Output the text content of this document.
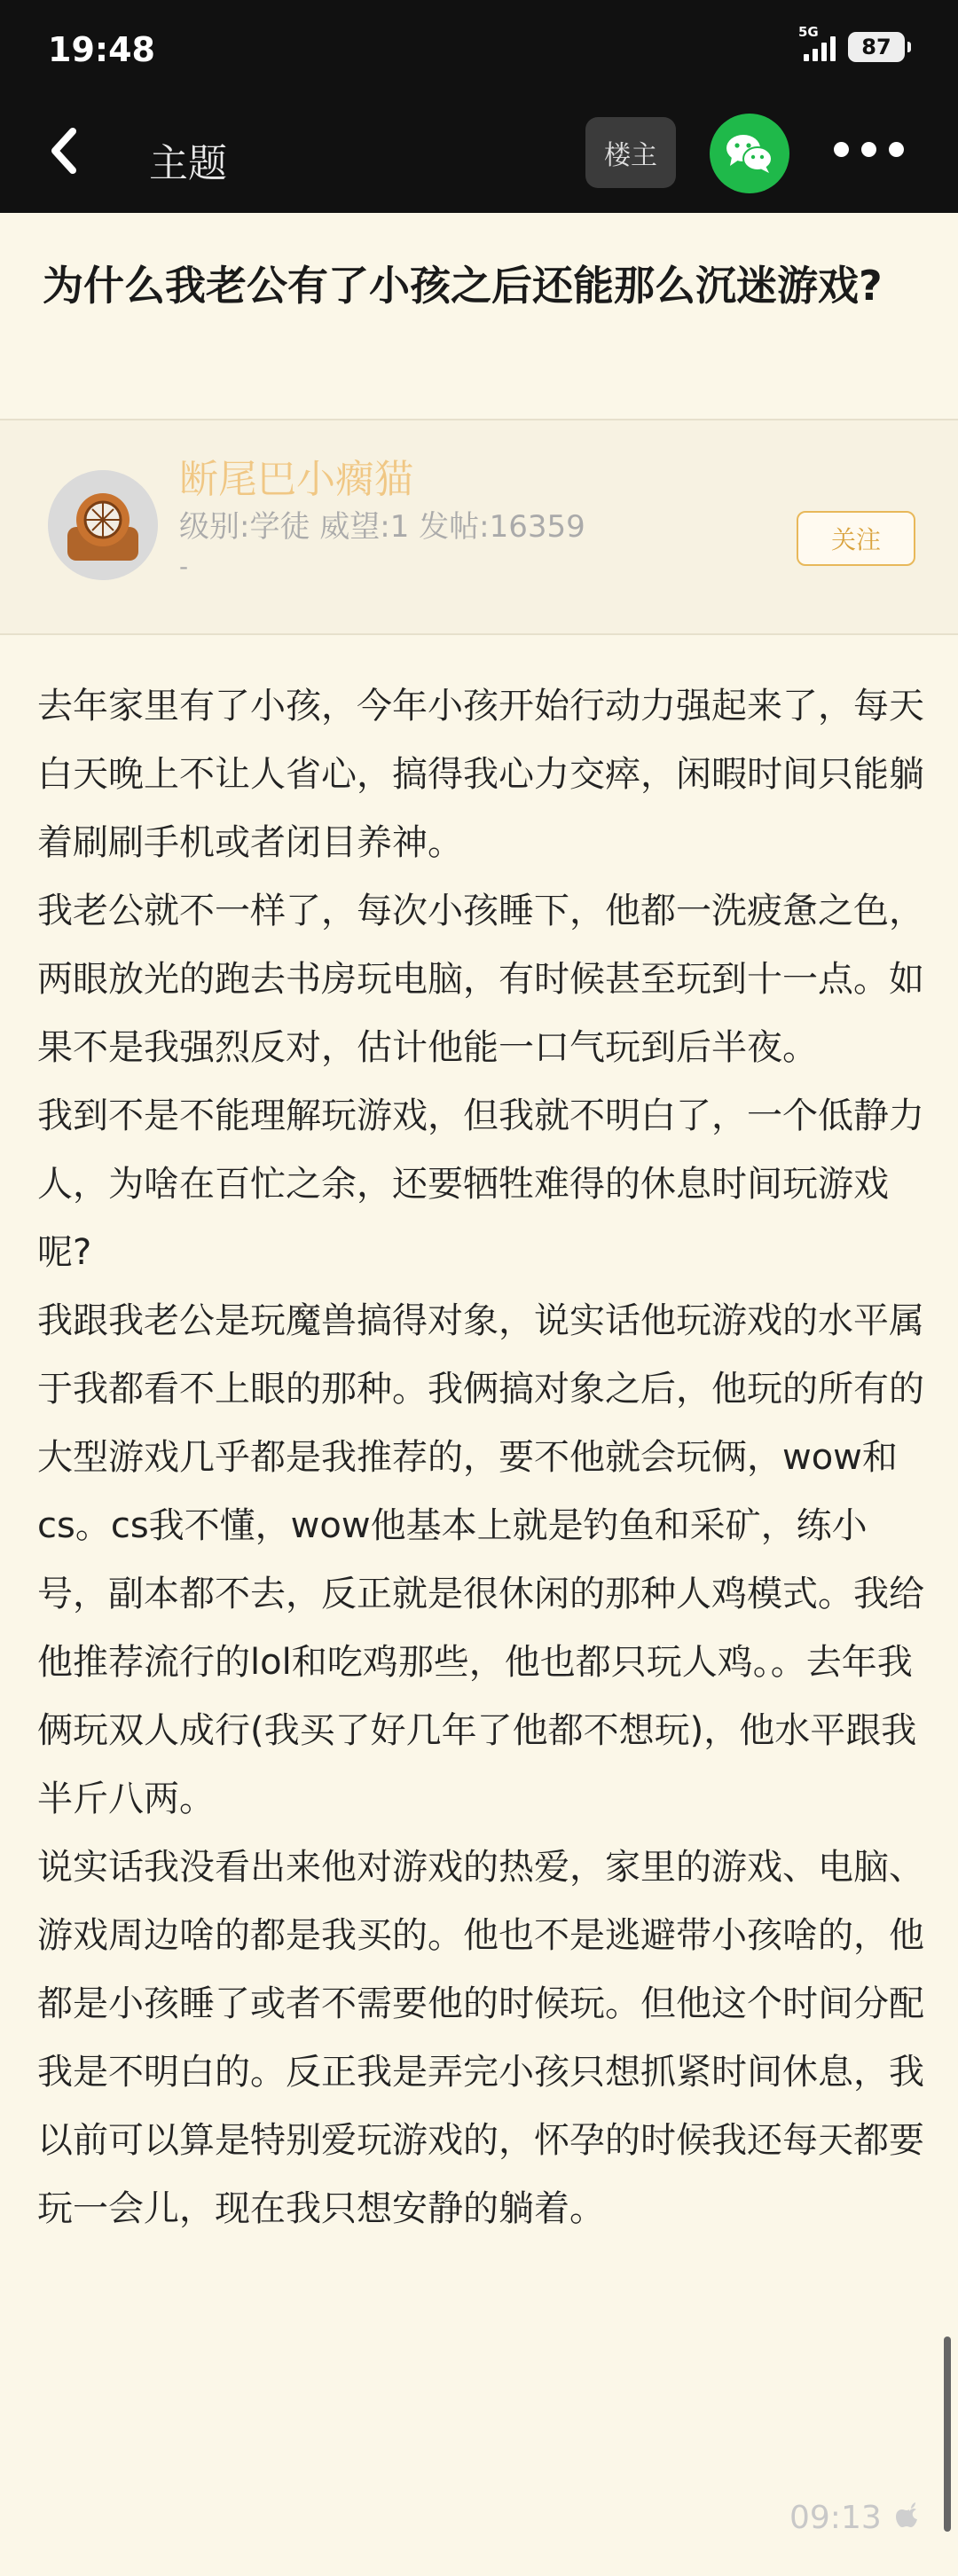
19:48	5G
87
主题	楼主
为什么我老公有了小孩之后还能那么沉迷游戏?
断尾巴小瘸猫
级别:学徒 威望:1 发帖:16359
-
关注

去年家里有了小孩，今年小孩开始行动力强起来了，每天白天晚上不让人省心，搞得我心力交瘁，闲暇时间只能躺着刷刷手机或者闭目养神。

我老公就不一样了，每次小孩睡下，他都一洗疲惫之色，两眼放光的跑去书房玩电脑，有时候甚至玩到十一点。如果不是我强烈反对，估计他能一口气玩到后半夜。

我到不是不能理解玩游戏，但我就不明白了，一个低静力人，为啥在百忙之余，还要牺牲难得的休息时间玩游戏呢?

我跟我老公是玩魔兽搞得对象，说实话他玩游戏的水平属于我都看不上眼的那种。我俩搞对象之后，他玩的所有的大型游戏几乎都是我推荐的，要不他就会玩俩，wow和cs。cs我不懂，wow他基本上就是钓鱼和采矿，练小号，副本都不去，反正就是很休闲的那种人鸡模式。我给他推荐流行的lol和吃鸡那些，他也都只玩人鸡。。去年我俩玩双人成行(我买了好几年了他都不想玩)，他水平跟我半斤八两。

说实话我没看出来他对游戏的热爱，家里的游戏、电脑、游戏周边啥的都是我买的。他也不是逃避带小孩啥的，他都是小孩睡了或者不需要他的时候玩。但他这个时间分配我是不明白的。反正我是弄完小孩只想抓紧时间休息，我以前可以算是特别爱玩游戏的，怀孕的时候我还每天都要玩一会儿，现在我只想安静的躺着。

09:13
